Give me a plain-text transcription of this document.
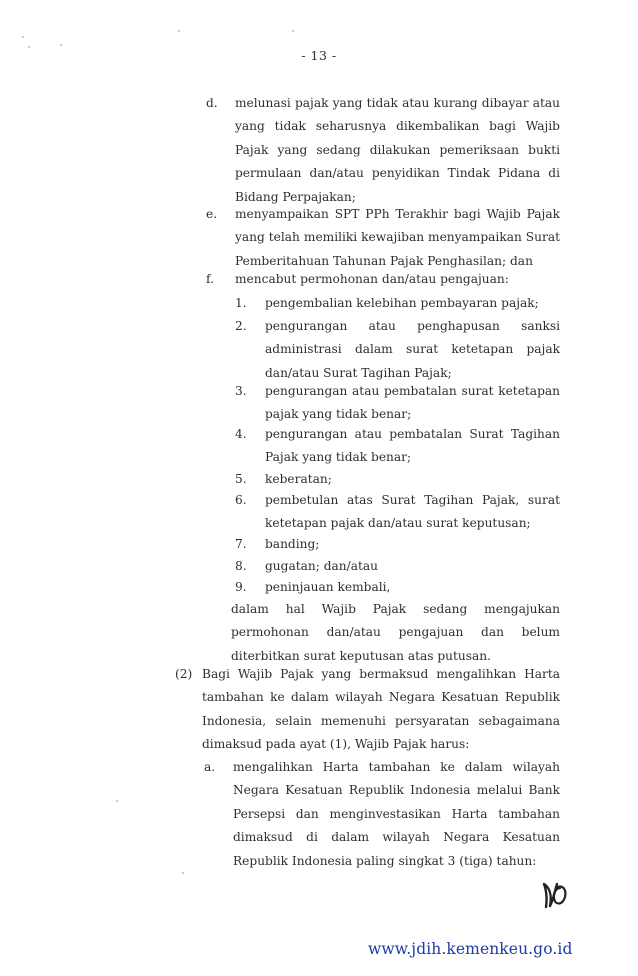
- 13 -
d. melunasi pajak yang tidak atau kurang dibayar atau
yang tidak seharusnya dikembalikan bagi Wajib
Pajak yang sedang dilakukan pemeriksaan bukti
permulaan dan/atau penyidikan Tindak Pidana di
Bidang Perpajakan;
e. menyampaikan SPT PPh Terakhir bagi Wajib Pajak
yang telah memiliki kewajiban menyampaikan Surat
Pemberitahuan Tahunan Pajak Penghasilan; dan
f. mencabut permohonan dan/atau pengajuan:
1. pengembalian kelebihan pembayaran pajak;
2. pengurangan atau penghapusan sanksi
administrasi dalam surat ketetapan pajak
dan/atau Surat Tagihan Pajak;
3. pengurangan atau pembatalan surat ketetapan
pajak yang tidak benar;
4. pengurangan atau pembatalan Surat Tagihan
Pajak yang tidak benar;
5. keberatan;
6. pembetulan atas Surat Tagihan Pajak, surat
ketetapan pajak dan/atau surat keputusan;
7. banding;
8. gugatan; dan/atau
9. peninjauan kembali,
dalam hal Wajib Pajak sedang mengajukan
permohonan dan/atau pengajuan dan belum
diterbitkan surat keputusan atas putusan.
(2) Bagi Wajib Pajak yang bermaksud mengalihkan Harta
tambahan ke dalam wilayah Negara Kesatuan Republik
Indonesia, selain memenuhi persyaratan sebagaimana
dimaksud pada ayat (1), Wajib Pajak harus:
a. mengalihkan Harta tambahan ke dalam wilayah
Negara Kesatuan Republik Indonesia melalui Bank
Persepsi dan menginvestasikan Harta tambahan
dimaksud di dalam wilayah Negara Kesatuan
Republik Indonesia paling singkat 3 (tiga) tahun:
www.jdih.kemenkeu.go.id
